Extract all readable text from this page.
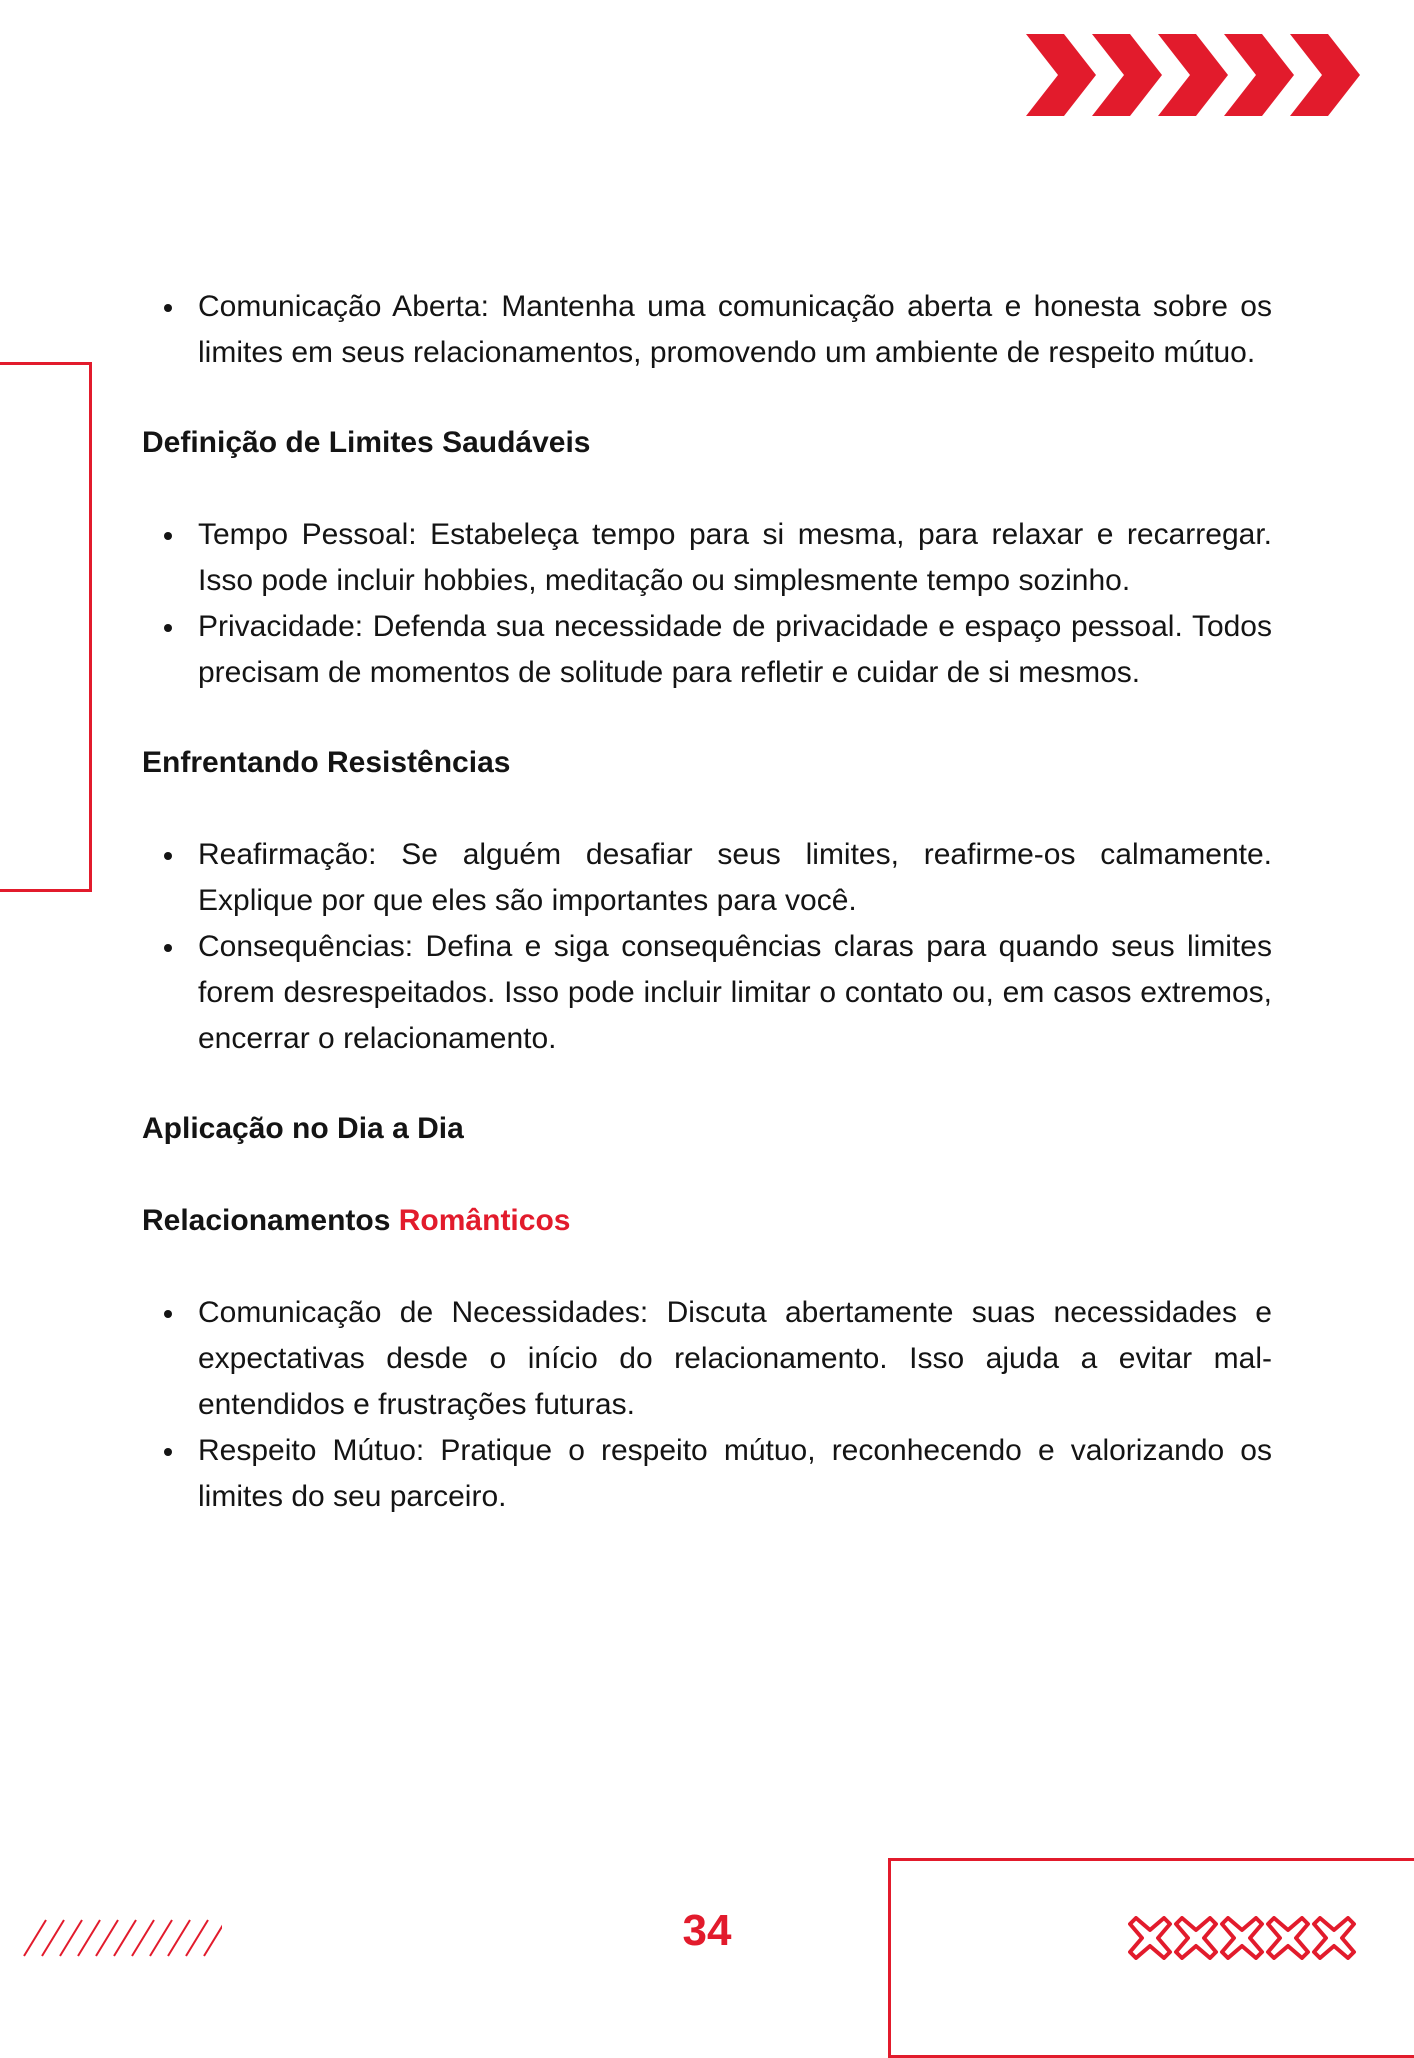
Comunicação Aberta: Mantenha uma comunicação aberta e honesta sobre os limites em seus relacionamentos, promovendo um ambiente de respeito mútuo.
Definição de Limites Saudáveis
Tempo Pessoal: Estabeleça tempo para si mesma, para relaxar e recarregar. Isso pode incluir hobbies, meditação ou simplesmente tempo sozinho.
Privacidade: Defenda sua necessidade de privacidade e espaço pessoal. Todos precisam de momentos de solitude para refletir e cuidar de si mesmos.
Enfrentando Resistências
Reafirmação: Se alguém desafiar seus limites, reafirme-os calmamente. Explique por que eles são importantes para você.
Consequências: Defina e siga consequências claras para quando seus limites forem desrespeitados. Isso pode incluir limitar o contato ou, em casos extremos, encerrar o relacionamento.
Aplicação no Dia a Dia
Relacionamentos Românticos
Comunicação de Necessidades: Discuta abertamente suas necessidades e expectativas desde o início do relacionamento. Isso ajuda a evitar mal-entendidos e frustrações futuras.
Respeito Mútuo: Pratique o respeito mútuo, reconhecendo e valorizando os limites do seu parceiro.
34
